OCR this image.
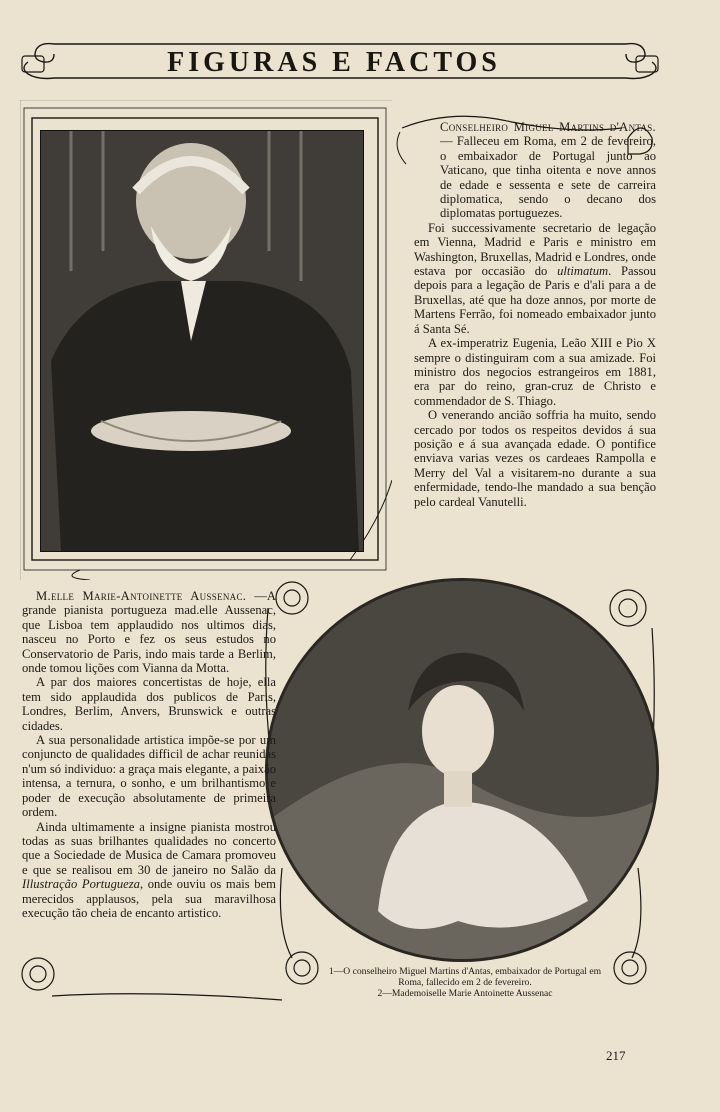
FIGURAS E FACTOS

Conselheiro Miguel Martins d'Antas. — Falleceu em Roma, em 2 de fevereiro, o embaixador de Portugal junto ao Vaticano, que tinha oitenta e nove annos de edade e sessenta e sete de carreira diplomatica, sendo o decano dos diplomatas portuguezes.

Foi successivamente secretario de legação em Vienna, Madrid e Paris e ministro em Washington, Bruxellas, Madrid e Londres, onde estava por occasião do ultimatum. Passou depois para a legação de Paris e d'ali para a de Bruxellas, até que ha doze annos, por morte de Martens Ferrão, foi nomeado embaixador junto á Santa Sé.

A ex-imperatriz Eugenia, Leão XIII e Pio X sempre o distinguiram com a sua amizade. Foi ministro dos negocios estrangeiros em 1881, era par do reino, gran-cruz de Christo e commendador de S. Thiago.

O venerando ancião soffria ha muito, sendo cercado por todos os respeitos devidos á sua posição e á sua avançada edade. O pontifice enviava varias vezes os cardeaes Rampolla e Merry del Val a visitarem-no durante a sua enfermidade, tendo-lhe mandado a sua benção pelo cardeal Vanutelli.

M.elle Marie-Antoinette Aussenac. —A grande pianista portugueza mad.elle Aussenac, que Lisboa tem applaudido nos ultimos dias, nasceu no Porto e fez os seus estudos no Conservatorio de Paris, indo mais tarde a Berlim, onde tomou lições com Vianna da Motta.

A par dos maiores concertistas de hoje, ella tem sido applaudida dos publicos de Paris, Londres, Berlim, Anvers, Brunswick e outras cidades.

A sua personalidade artistica impõe-se por um conjuncto de qualidades difficil de achar reunidas n'um só individuo: a graça mais elegante, a paixão intensa, a ternura, o sonho, e um brilhantismo e poder de execução absolutamente de primeira ordem.

Ainda ultimamente a insigne pianista mostrou todas as suas brilhantes qualidades no concerto que a Sociedade de Musica de Camara promoveu e que se realisou em 30 de janeiro no Salão da Illustração Portugueza, onde ouviu os mais bem merecidos applausos, pela sua maravilhosa execução tão cheia de encanto artistico.

1—O conselheiro Miguel Martins d'Antas, embaixador de Portugal em
Roma, fallecido em 2 de fevereiro.
2—Mademoiselle Marie Antoinette Aussenac
217
